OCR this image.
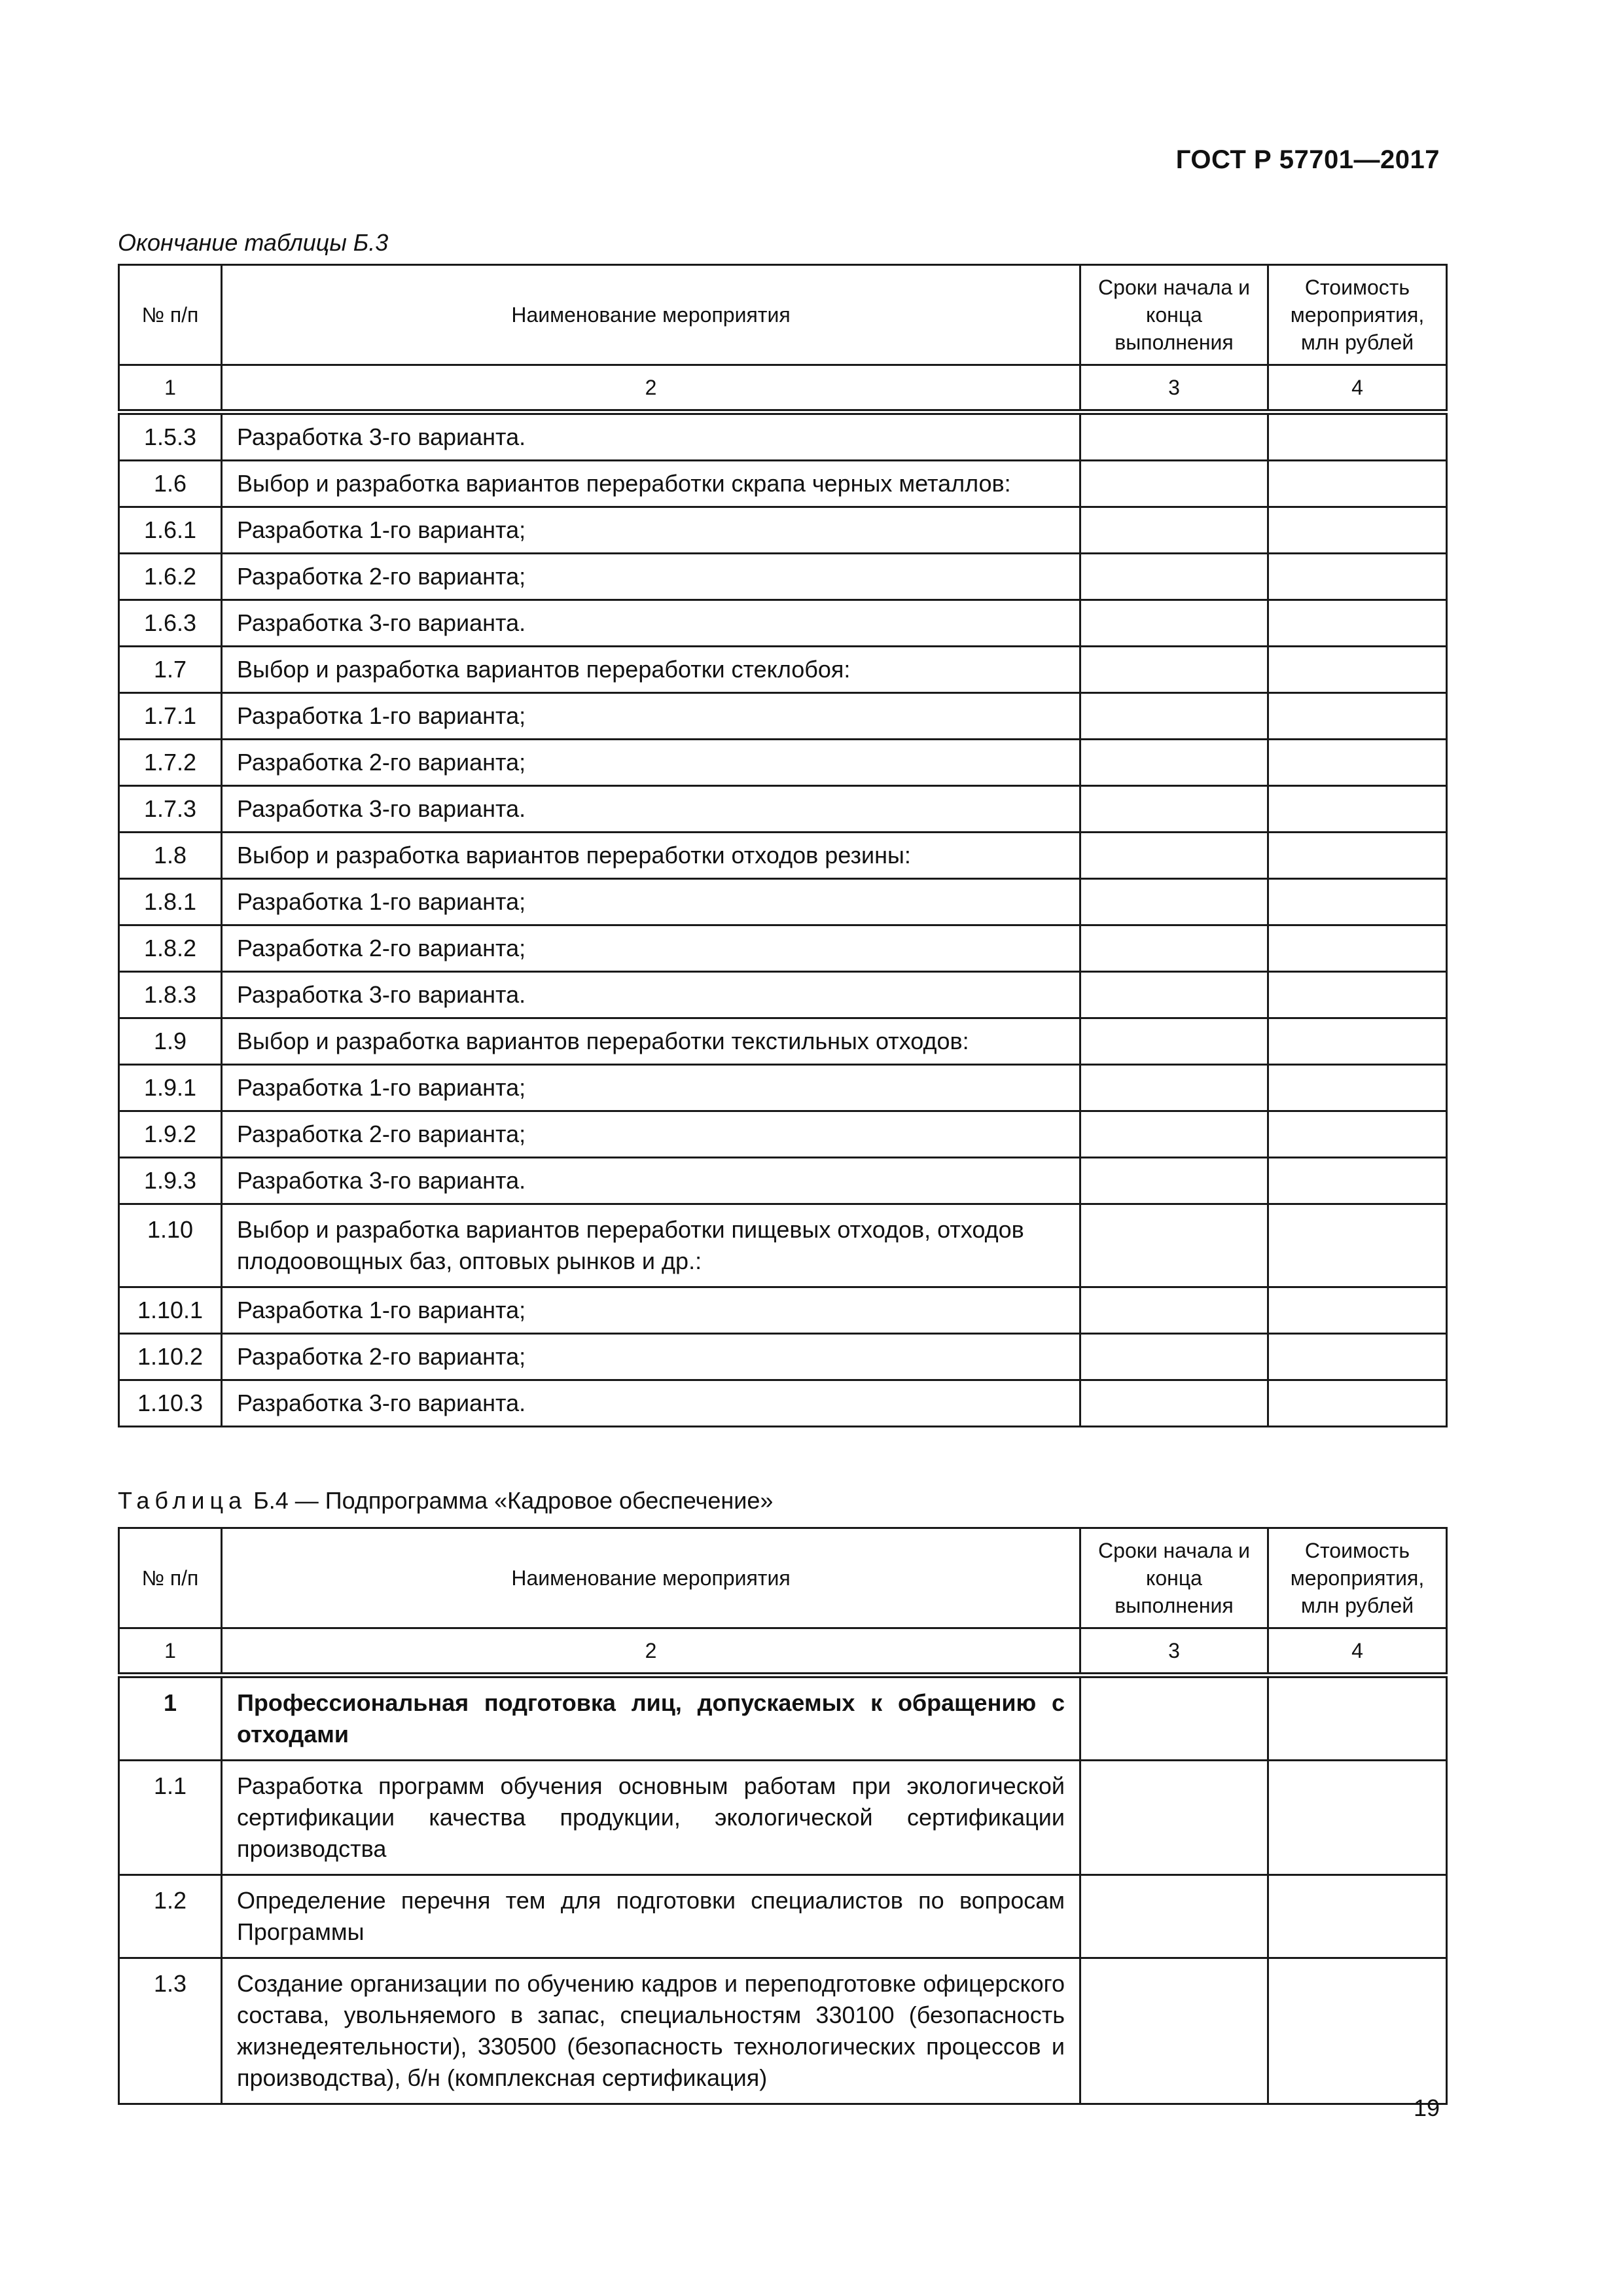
ГОСТ Р 57701—2017
Окончание таблицы Б.3
№ п/п	Наименование мероприятия	Сроки начала и конца выполнения	Стоимость мероприятия, млн рублей
1	2	3	4
1.5.3	Разработка 3-го варианта.		
1.6	Выбор и разработка вариантов переработки скрапа черных металлов:		
1.6.1	Разработка 1-го варианта;		
1.6.2	Разработка 2-го варианта;		
1.6.3	Разработка 3-го варианта.		
1.7	Выбор и разработка вариантов переработки стеклобоя:		
1.7.1	Разработка 1-го варианта;		
1.7.2	Разработка 2-го варианта;		
1.7.3	Разработка 3-го варианта.		
1.8	Выбор и разработка вариантов переработки отходов резины:		
1.8.1	Разработка 1-го варианта;		
1.8.2	Разработка 2-го варианта;		
1.8.3	Разработка 3-го варианта.		
1.9	Выбор и разработка вариантов переработки текстильных отходов:		
1.9.1	Разработка 1-го варианта;		
1.9.2	Разработка 2-го варианта;		
1.9.3	Разработка 3-го варианта.		
1.10	Выбор и разработка вариантов переработки пищевых отходов, отходов плодоовощных баз, оптовых рынков и др.:		
1.10.1	Разработка 1-го варианта;		
1.10.2	Разработка 2-го варианта;		
1.10.3	Разработка 3-го варианта.		
Таблица Б.4 — Подпрограмма «Кадровое обеспечение»
№ п/п	Наименование мероприятия	Сроки начала и конца выполнения	Стоимость мероприятия, млн рублей
1	2	3	4
1	Профессиональная подготовка лиц, допускаемых к обращению с отходами		
1.1	Разработка программ обучения основным работам при экологической сертификации качества продукции, экологической сертификации производства		
1.2	Определение перечня тем для подготовки специалистов по вопросам Программы		
1.3	Создание организации по обучению кадров и переподготовке офицерского состава, увольняемого в запас, специальностям 330100 (безопасность жизнедеятельности), 330500 (безопасность технологических процессов и производства), б/н (комплексная сертификация)		
19
